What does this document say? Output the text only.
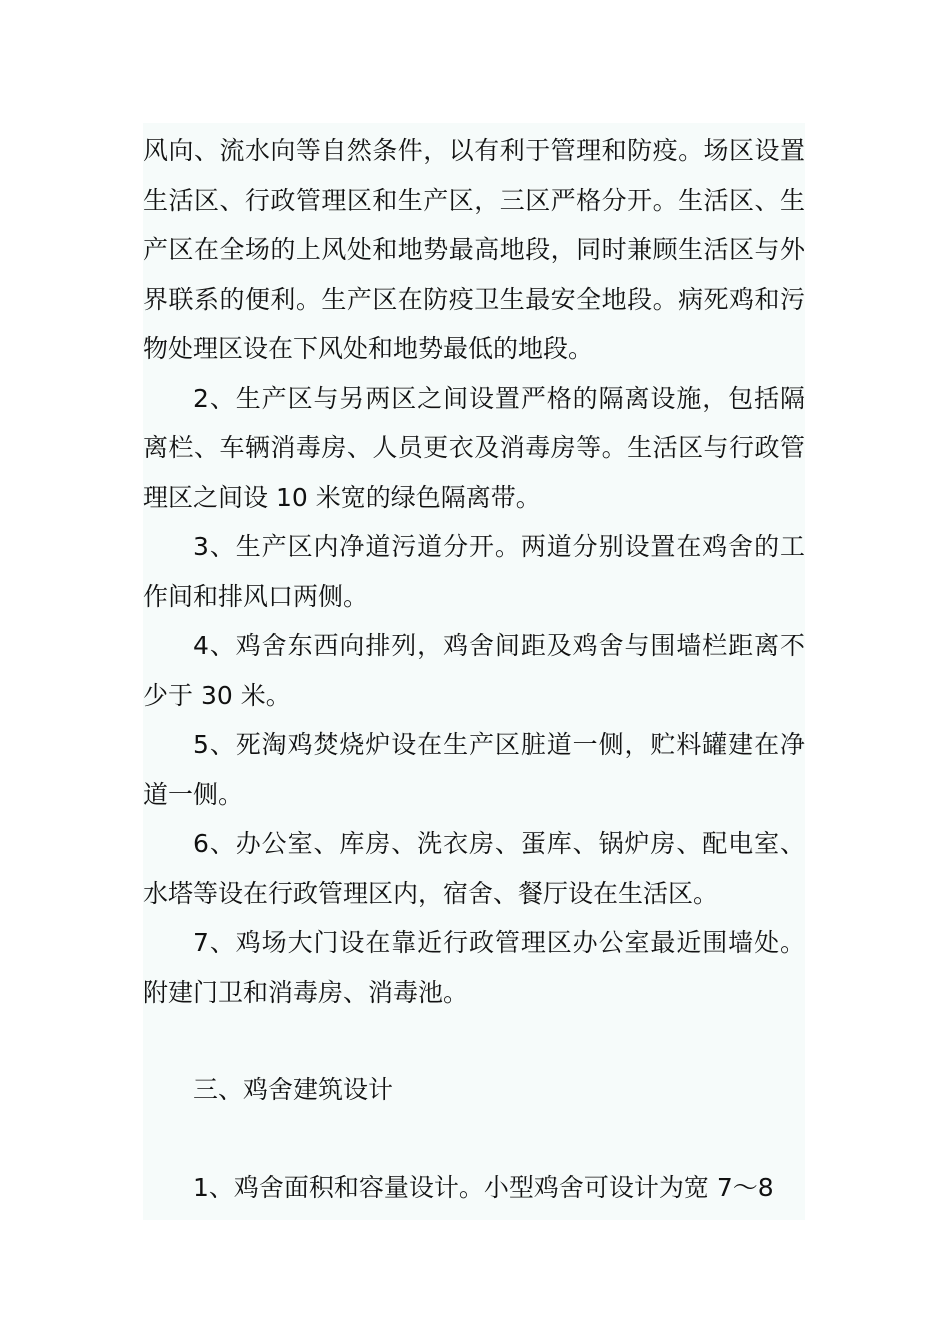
风向、流水向等自然条件，以有利于管理和防疫。场区设置生活区、行政管理区和生产区，三区严格分开。生活区、生产区在全场的上风处和地势最高地段，同时兼顾生活区与外界联系的便利。生产区在防疫卫生最安全地段。病死鸡和污物处理区设在下风处和地势最低的地段。

2、生产区与另两区之间设置严格的隔离设施，包括隔离栏、车辆消毒房、人员更衣及消毒房等。生活区与行政管理区之间设 10 米宽的绿色隔离带。

3、生产区内净道污道分开。两道分别设置在鸡舍的工作间和排风口两侧。

4、鸡舍东西向排列，鸡舍间距及鸡舍与围墙栏距离不少于 30 米。

5、死淘鸡焚烧炉设在生产区脏道一侧，贮料罐建在净道一侧。

6、办公室、库房、洗衣房、蛋库、锅炉房、配电室、水塔等设在行政管理区内，宿舍、餐厅设在生活区。

7、鸡场大门设在靠近行政管理区办公室最近围墙处。附建门卫和消毒房、消毒池。

三、鸡舍建筑设计

1、鸡舍面积和容量设计。小型鸡舍可设计为宽 7～8
